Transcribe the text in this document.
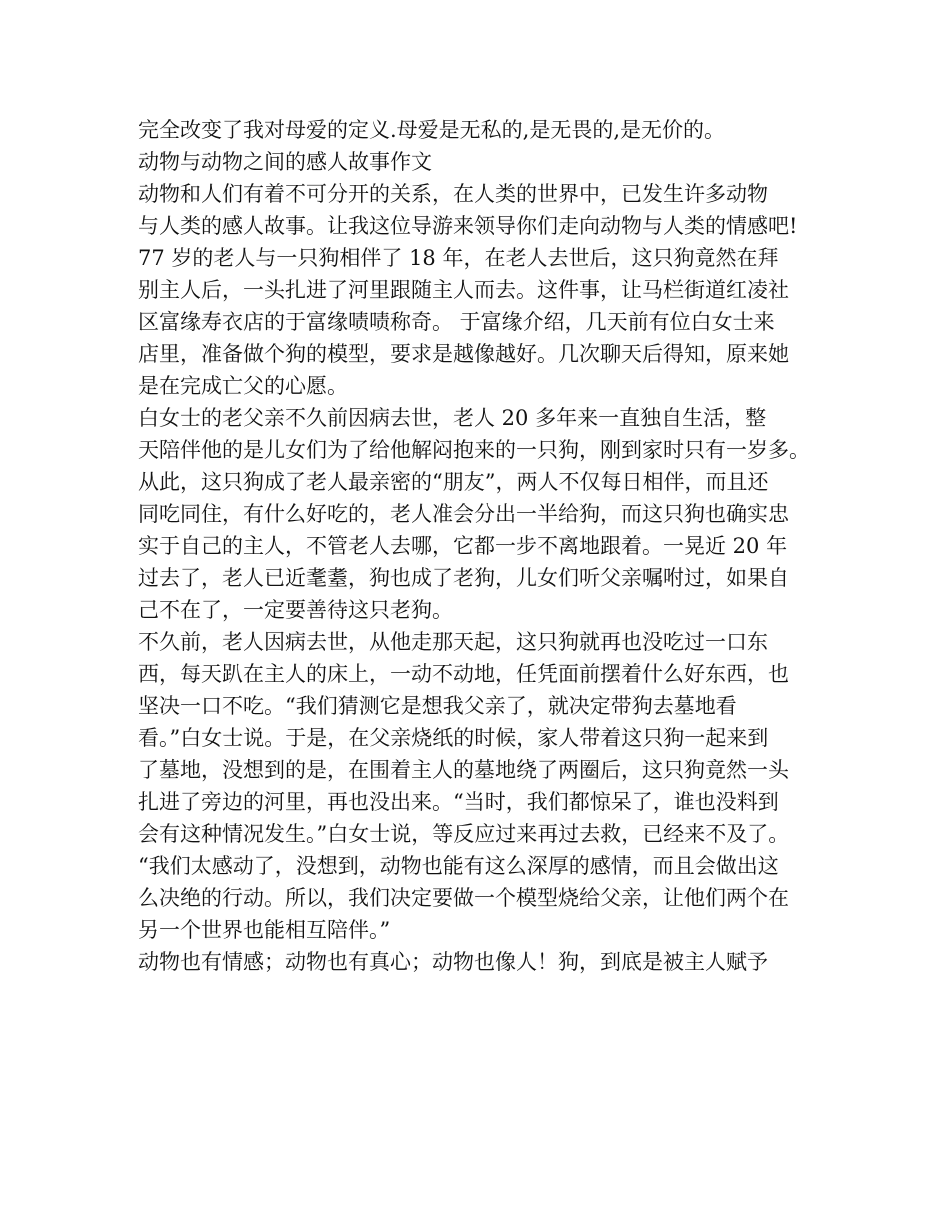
完全改变了我对母爱的定义.母爱是无私的,是无畏的,是无价的。
动物与动物之间的感人故事作文
动物和人们有着不可分开的关系，在人类的世界中，已发生许多动物
与人类的感人故事。让我这位导游来领导你们走向动物与人类的情感吧!
77 岁的老人与一只狗相伴了 18 年，在老人去世后，这只狗竟然在拜
别主人后，一头扎进了河里跟随主人而去。这件事，让马栏街道红凌社
区富缘寿衣店的于富缘啧啧称奇。 于富缘介绍，几天前有位白女士来
店里，准备做个狗的模型，要求是越像越好。几次聊天后得知，原来她
是在完成亡父的心愿。
白女士的老父亲不久前因病去世，老人 20 多年来一直独自生活，整
天陪伴他的是儿女们为了给他解闷抱来的一只狗，刚到家时只有一岁多。
从此，这只狗成了老人最亲密的“朋友”，两人不仅每日相伴，而且还
同吃同住，有什么好吃的，老人准会分出一半给狗，而这只狗也确实忠
实于自己的主人，不管老人去哪，它都一步不离地跟着。一晃近 20 年
过去了，老人已近耄耋，狗也成了老狗，儿女们听父亲嘱咐过，如果自
己不在了，一定要善待这只老狗。
不久前，老人因病去世，从他走那天起，这只狗就再也没吃过一口东
西，每天趴在主人的床上，一动不动地，任凭面前摆着什么好东西，也
坚决一口不吃。“我们猜测它是想我父亲了，就决定带狗去墓地看
看。”白女士说。于是，在父亲烧纸的时候，家人带着这只狗一起来到
了墓地，没想到的是，在围着主人的墓地绕了两圈后，这只狗竟然一头
扎进了旁边的河里，再也没出来。“当时，我们都惊呆了，谁也没料到
会有这种情况发生。”白女士说，等反应过来再过去救，已经来不及了。
“我们太感动了，没想到，动物也能有这么深厚的感情，而且会做出这
么决绝的行动。所以，我们决定要做一个模型烧给父亲，让他们两个在
另一个世界也能相互陪伴。”
动物也有情感；动物也有真心；动物也像人！狗，到底是被主人赋予
